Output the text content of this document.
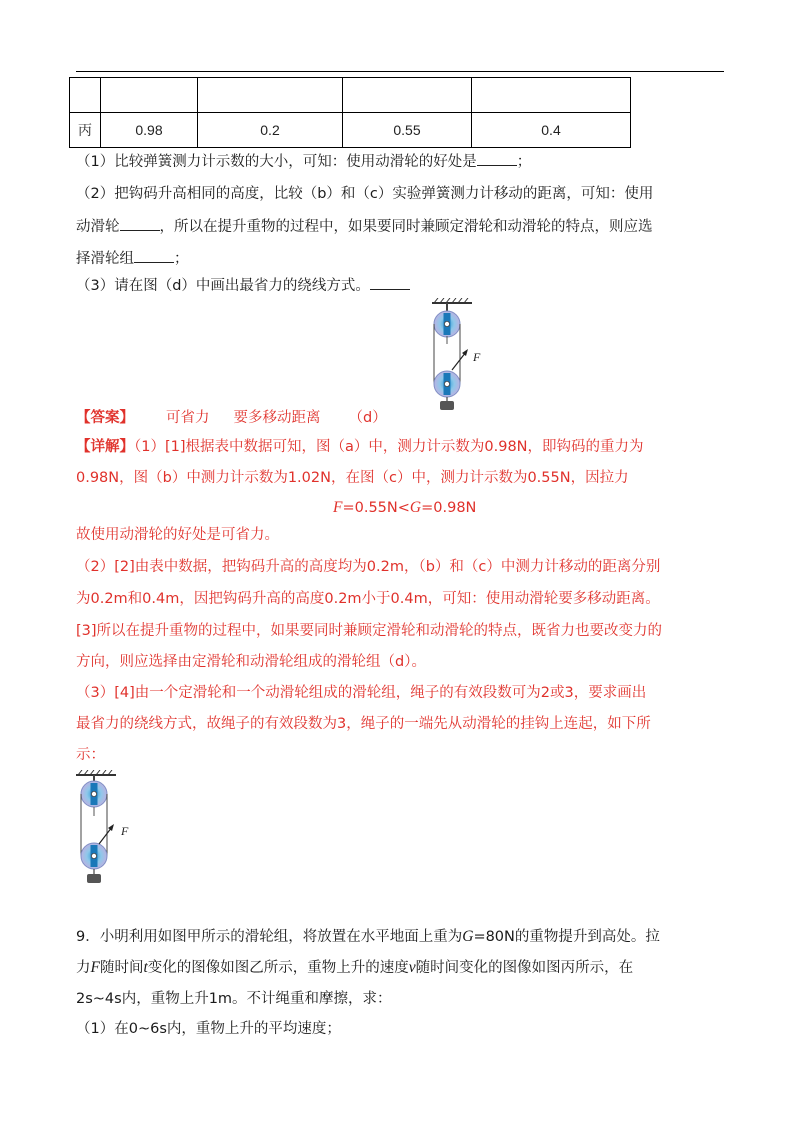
丙	0.98	0.2	0.55	0.4
（1）比较弹簧测力计示数的大小，可知：使用动滑轮的好处是	；
（2）把钩码升高相同的高度，比较（b）和（c）实验弹簧测力计移动的距离，可知：使用
动滑轮	，所以在提升重物的过程中，如果要同时兼顾定滑轮和动滑轮的特点，则应选
择滑轮组	；
（3）请在图（d）中画出最省力的绕线方式。
F
【答案】 可省力 要多移动距离 （d）
【详解】（1）[1]根据表中数据可知，图（a）中，测力计示数为0.98N，即钩码的重力为
0.98N，图（b）中测力计示数为1.02N，在图（c）中，测力计示数为0.55N，因拉力
F=0.55N<G=0.98N
故使用动滑轮的好处是可省力。
（2）[2]由表中数据，把钩码升高的高度均为0.2m，（b）和（c）中测力计移动的距离分别
为0.2m和0.4m，因把钩码升高的高度0.2m小于0.4m，可知：使用动滑轮要多移动距离。
[3]所以在提升重物的过程中，如果要同时兼顾定滑轮和动滑轮的特点，既省力也要改变力的
方向，则应选择由定滑轮和动滑轮组成的滑轮组（d）。
（3）[4]由一个定滑轮和一个动滑轮组成的滑轮组，绳子的有效段数可为2或3，要求画出
最省力的绕线方式，故绳子的有效段数为3，绳子的一端先从动滑轮的挂钩上连起，如下所
示：
F
9．小明利用如图甲所示的滑轮组，将放置在水平地面上重为G=80N的重物提升到高处。拉
力F随时间t变化的图像如图乙所示，重物上升的速度v随时间变化的图像如图丙所示，在
2s~4s内，重物上升1m。不计绳重和摩擦，求：
（1）在0~6s内，重物上升的平均速度；
